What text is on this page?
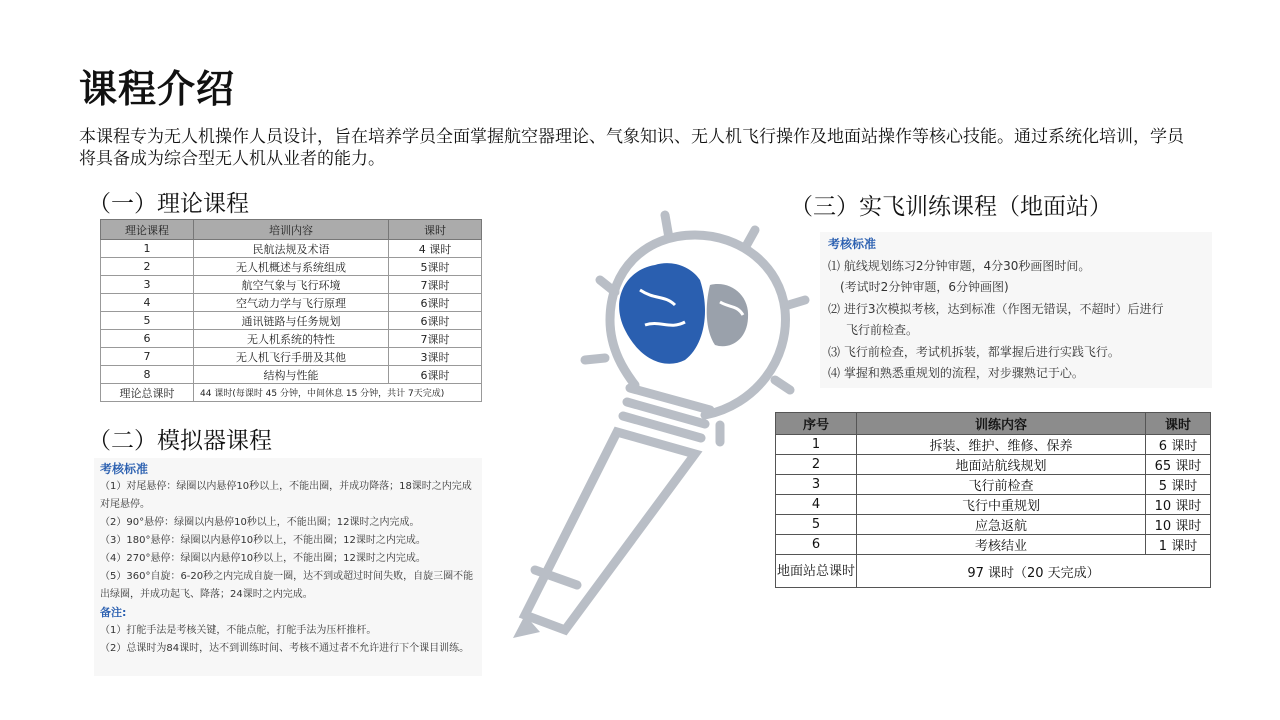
课程介绍
本课程专为无人机操作人员设计，旨在培养学员全面掌握航空器理论、气象知识、无人机飞行操作及地面站操作等核心技能。通过系统化培训，学员将具备成为综合型无人机从业者的能力。
（一）理论课程
（二）模拟器课程
（三）实飞训练课程（地面站）
理论课程	培训内容	课时
1	民航法规及术语	4 课时
2	无人机概述与系统组成	5课时
3	航空气象与飞行环境	7课时
4	空气动力学与飞行原理	6课时
5	通讯链路与任务规划	6课时
6	无人机系统的特性	7课时
7	无人机飞行手册及其他	3课时
8	结构与性能	6课时
理论总课时	44 课时(每课时 45 分钟，中间休息 15 分钟，共计 7天完成)	
考核标准
（1）对尾悬停：绿圈以内悬停10秒以上，不能出圈，并成功降落；18课时之内完成对尾悬停。
（2）90°悬停：绿圈以内悬停10秒以上，不能出圈；12课时之内完成。
（3）180°悬停：绿圈以内悬停10秒以上，不能出圈；12课时之内完成。
（4）270°悬停：绿圈以内悬停10秒以上，不能出圈；12课时之内完成。
（5）360°自旋：6-20秒之内完成自旋一圈，达不到或超过时间失败，自旋三圈不能出绿圈，并成功起飞、降落；24课时之内完成。
备注:
（1）打舵手法是考核关键，不能点舵，打舵手法为压杆推杆。
（2）总课时为84课时，达不到训练时间、考核不通过者不允许进行下个课目训练。
考核标准
⑴ 航线规划练习2分钟审题，4分30秒画图时间。
(考试时2分钟审题，6分钟画图)
⑵ 进行3次模拟考核，达到标准（作图无错误，不超时）后进行
飞行前检查。
⑶ 飞行前检查，考试机拆装，都掌握后进行实践飞行。
⑷ 掌握和熟悉重规划的流程，对步骤熟记于心。
序号	训练内容	课时
1	拆装、维护、维修、保养	6 课时
2	地面站航线规划	65 课时
3	飞行前检查	5 课时
4	飞行中重规划	10 课时
5	应急返航	10 课时
6	考核结业	1 课时
地面站总课时	97 课时（20 天完成）	
